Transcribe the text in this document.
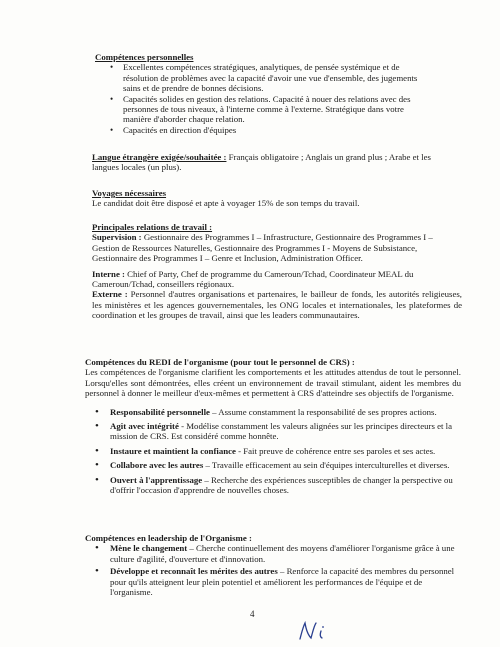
Compétences personnelles
• Excellentes compétences stratégiques, analytiques, de pensée systémique et de résolution de problèmes avec la capacité d'avoir une vue d'ensemble, des jugements sains et de prendre de bonnes décisions.
• Capacités solides en gestion des relations. Capacité à nouer des relations avec des personnes de tous niveaux, à l'interne comme à l'externe. Stratégique dans votre manière d'aborder chaque relation.
• Capacités en direction d'équipes
Langue étrangère exigée/souhaitée : Français obligatoire ; Anglais un grand plus ; Arabe et les langues locales (un plus).
Voyages nécessaires
Le candidat doit être disposé et apte à voyager 15% de son temps du travail.
Principales relations de travail :
Supervision : Gestionnaire des Programmes I – Infrastructure, Gestionnaire des Programmes I – Gestion de Ressources Naturelles, Gestionnaire des Programmes I - Moyens de Subsistance, Gestionnaire des Programmes I – Genre et Inclusion, Administration Officer.
Interne : Chief of Party, Chef de programme du Cameroun/Tchad, Coordinateur MEAL du Cameroun/Tchad, conseillers régionaux.
Externe : Personnel d'autres organisations et partenaires, le bailleur de fonds, les autorités religieuses, les ministères et les agences gouvernementales, les ONG locales et internationales, les plateformes de coordination et les groupes de travail, ainsi que les leaders communautaires.
Compétences du REDI de l'organisme (pour tout le personnel de CRS) :
Les compétences de l'organisme clarifient les comportements et les attitudes attendus de tout le personnel. Lorsqu'elles sont démontrées, elles créent un environnement de travail stimulant, aident les membres du personnel à donner le meilleur d'eux-mêmes et permettent à CRS d'atteindre ses objectifs de l'organisme.
• Responsabilité personnelle – Assume constamment la responsabilité de ses propres actions.
• Agit avec intégrité - Modélise constamment les valeurs alignées sur les principes directeurs et la mission de CRS. Est considéré comme honnête.
• Instaure et maintient la confiance - Fait preuve de cohérence entre ses paroles et ses actes.
• Collabore avec les autres – Travaille efficacement au sein d'équipes interculturelles et diverses.
• Ouvert à l'apprentissage – Recherche des expériences susceptibles de changer la perspective ou d'offrir l'occasion d'apprendre de nouvelles choses.
Compétences en leadership de l'Organisme :
• Mène le changement – Cherche continuellement des moyens d'améliorer l'organisme grâce à une culture d'agilité, d'ouverture et d'innovation.
• Développe et reconnaît les mérites des autres – Renforce la capacité des membres du personnel pour qu'ils atteignent leur plein potentiel et améliorent les performances de l'équipe et de l'organisme.
4
